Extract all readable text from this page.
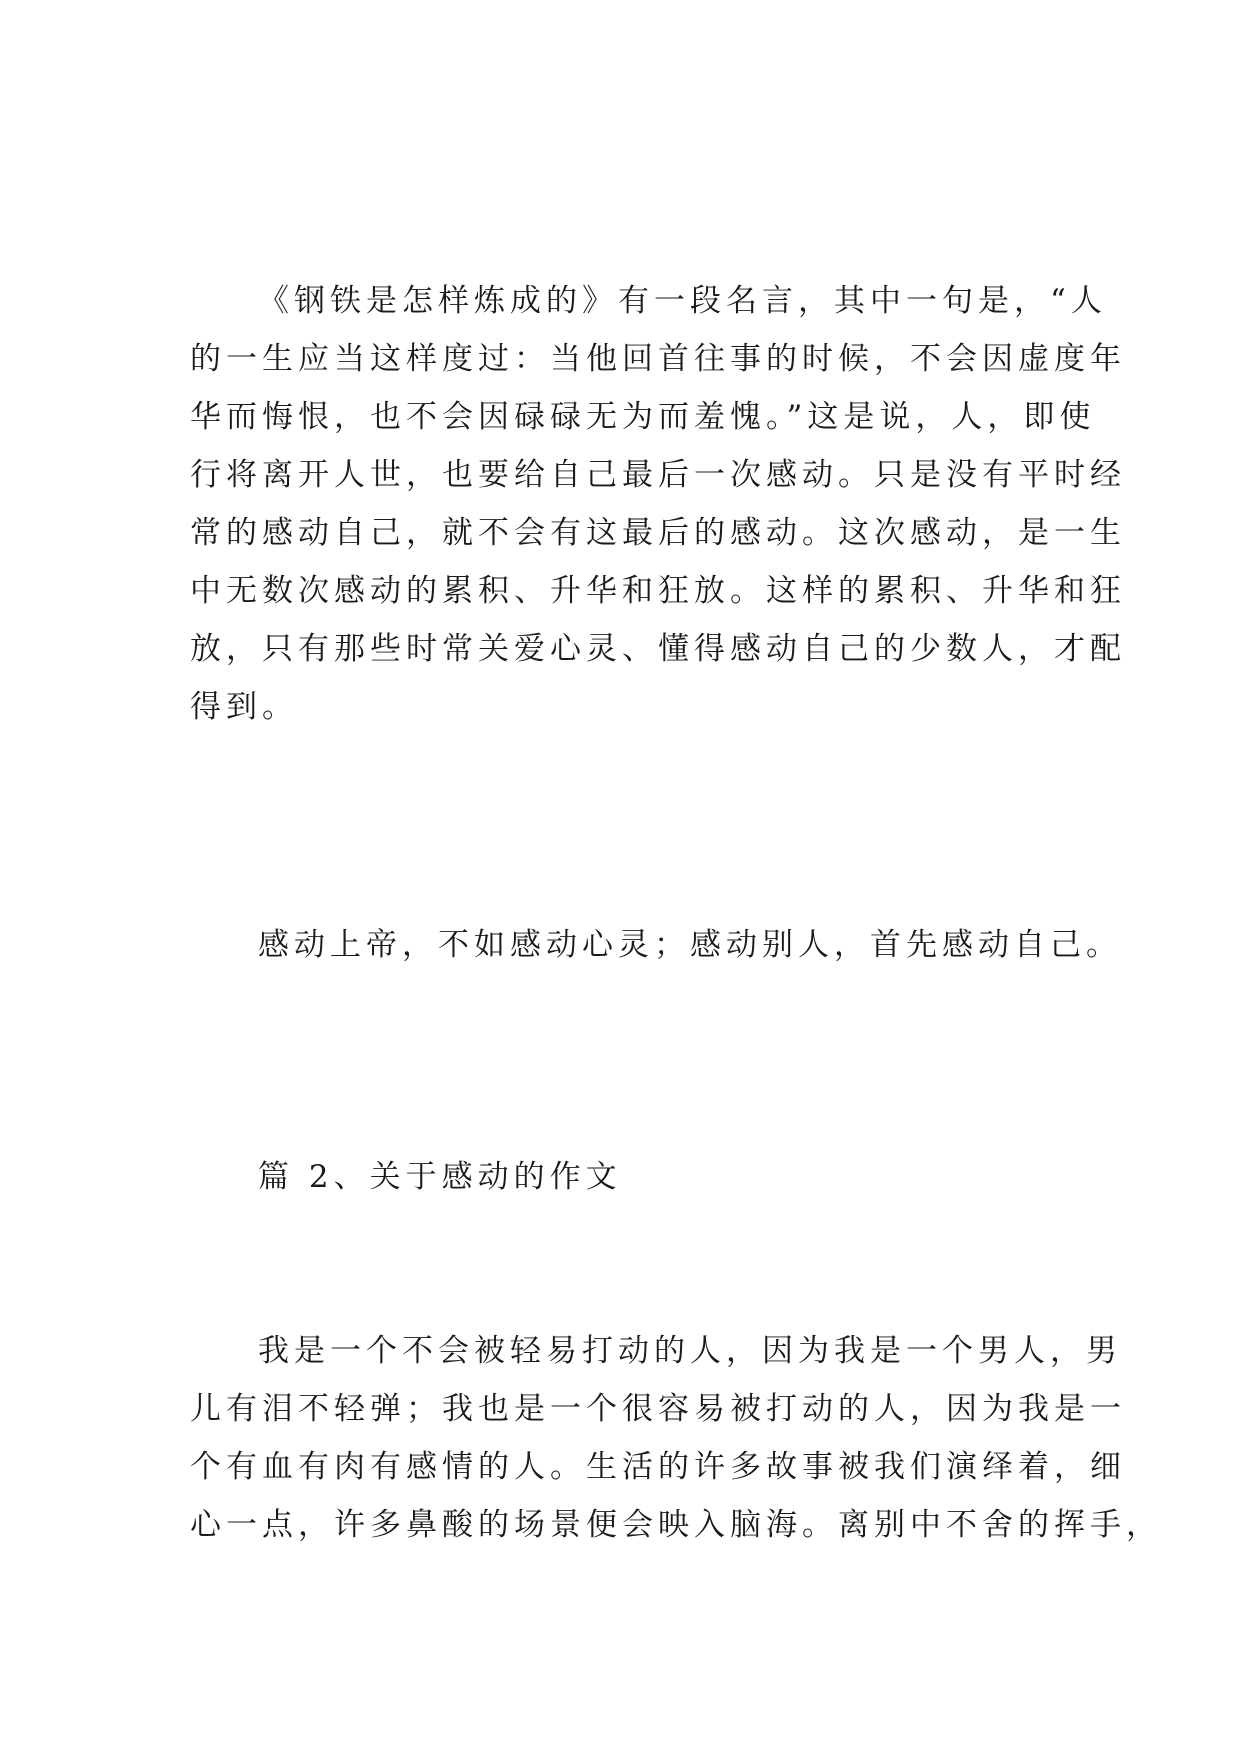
《钢铁是怎样炼成的》有一段名言，其中一句是，“人
的一生应当这样度过：当他回首往事的时候，不会因虚度年
华而悔恨，也不会因碌碌无为而羞愧。”这是说，人，即使
行将离开人世，也要给自己最后一次感动。只是没有平时经
常的感动自己，就不会有这最后的感动。这次感动，是一生
中无数次感动的累积、升华和狂放。这样的累积、升华和狂
放，只有那些时常关爱心灵、懂得感动自己的少数人，才配
得到。
感动上帝，不如感动心灵；感动别人，首先感动自己。
篇 2、关于感动的作文
我是一个不会被轻易打动的人，因为我是一个男人，男
儿有泪不轻弹；我也是一个很容易被打动的人，因为我是一
个有血有肉有感情的人。生活的许多故事被我们演绎着，细
心一点，许多鼻酸的场景便会映入脑海。离别中不舍的挥手，
